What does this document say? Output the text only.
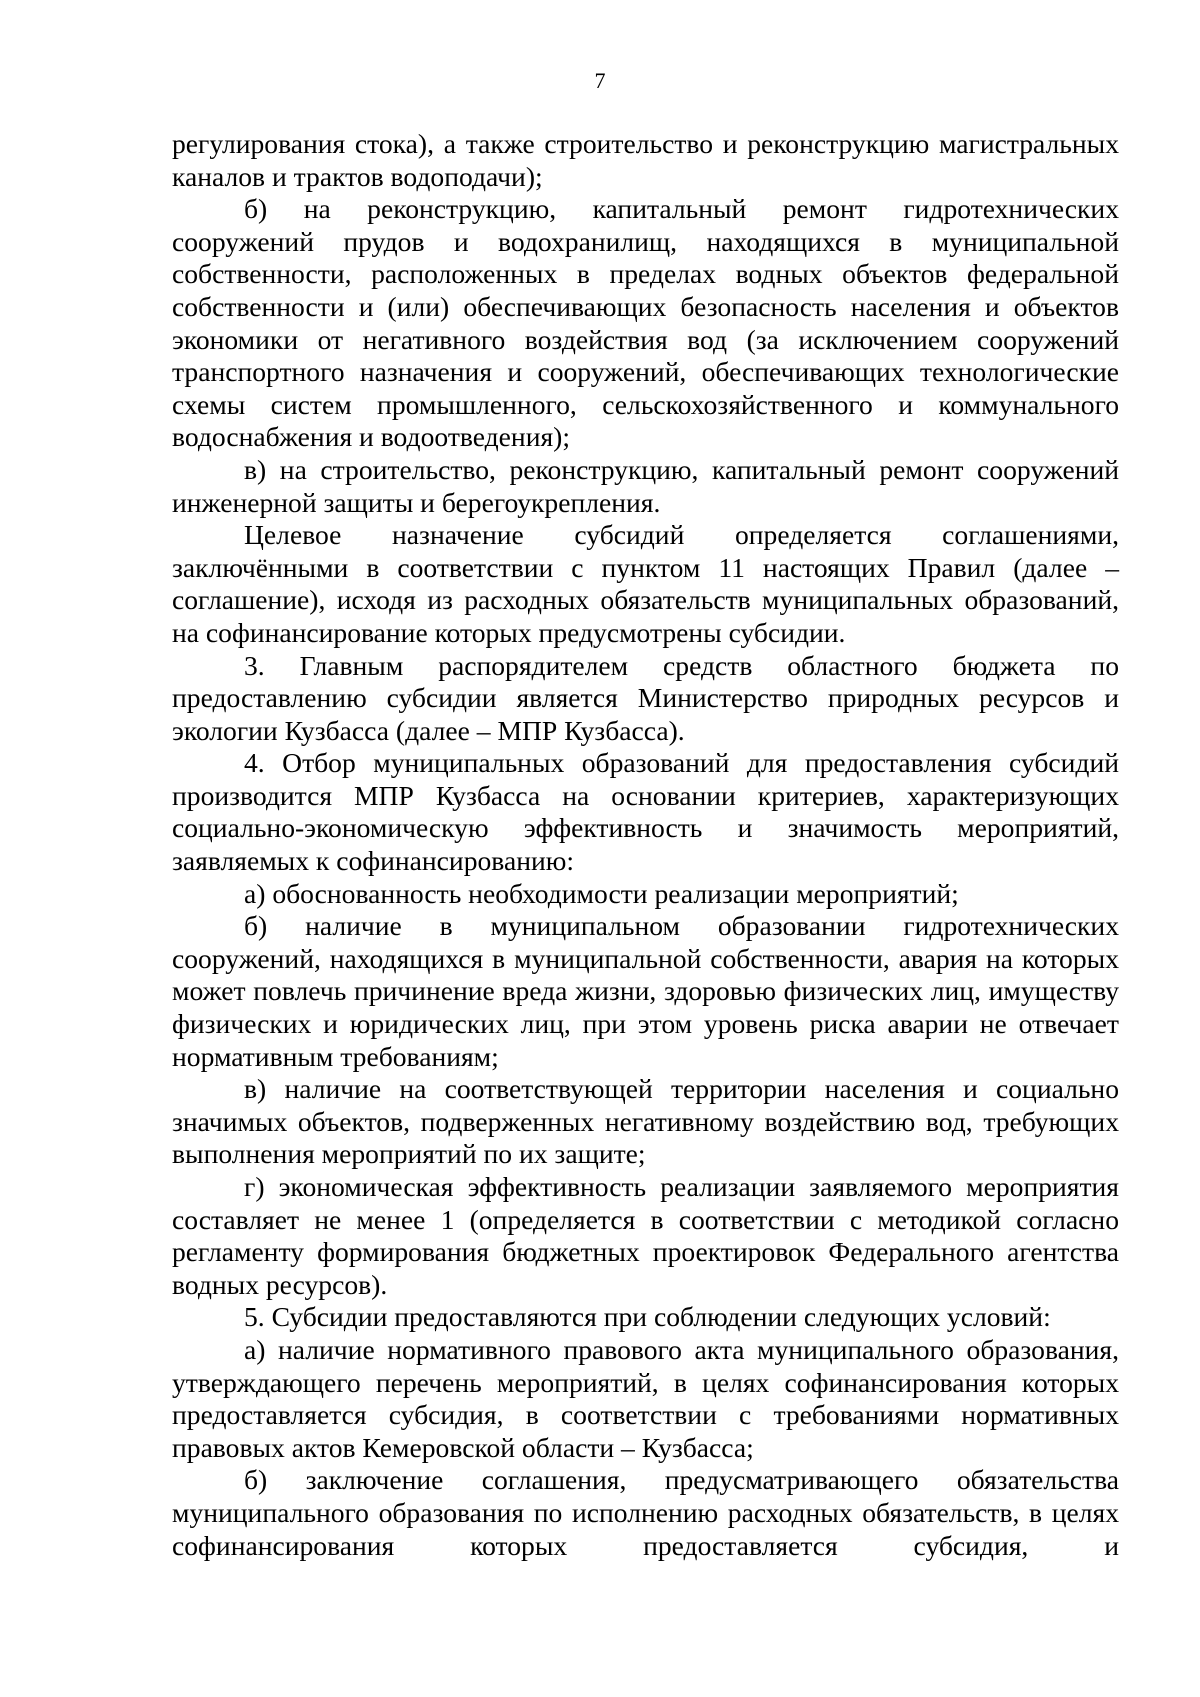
7

регулирования стока), а также строительство и реконструкцию магистральных каналов и трактов водоподачи);

б) на реконструкцию, капитальный ремонт гидротехнических сооружений прудов и водохранилищ, находящихся в муниципальной собственности, расположенных в пределах водных объектов федеральной собственности и (или) обеспечивающих безопасность населения и объектов экономики от негативного воздействия вод (за исключением сооружений транспортного назначения и сооружений, обеспечивающих технологические схемы систем промышленного, сельскохозяйственного и коммунального водоснабжения и водоотведения);

в) на строительство, реконструкцию, капитальный ремонт сооружений инженерной защиты и берегоукрепления.

Целевое назначение субсидий определяется соглашениями, заключёнными в соответствии с пунктом 11 настоящих Правил (далее – соглашение), исходя из расходных обязательств муниципальных образований, на софинансирование которых предусмотрены субсидии.

3. Главным распорядителем средств областного бюджета по предоставлению субсидии является Министерство природных ресурсов и экологии Кузбасса (далее – МПР Кузбасса).

4. Отбор муниципальных образований для предоставления субсидий производится МПР Кузбасса на основании критериев, характеризующих социально-экономическую эффективность и значимость мероприятий, заявляемых к софинансированию:

а) обоснованность необходимости реализации мероприятий;

б) наличие в муниципальном образовании гидротехнических сооружений, находящихся в муниципальной собственности, авария на которых может повлечь причинение вреда жизни, здоровью физических лиц, имуществу физических и юридических лиц, при этом уровень риска аварии не отвечает нормативным требованиям;

в) наличие на соответствующей территории населения и социально значимых объектов, подверженных негативному воздействию вод, требующих выполнения мероприятий по их защите;

г) экономическая эффективность реализации заявляемого мероприятия составляет не менее 1 (определяется в соответствии с методикой согласно регламенту формирования бюджетных проектировок Федерального агентства водных ресурсов).

5. Субсидии предоставляются при соблюдении следующих условий:

а) наличие нормативного правового акта муниципального образования, утверждающего перечень мероприятий, в целях софинансирования которых предоставляется субсидия, в соответствии с требованиями нормативных правовых актов Кемеровской области – Кузбасса;

б) заключение соглашения, предусматривающего обязательства муниципального образования по исполнению расходных обязательств, в целях софинансирования которых предоставляется субсидия, и
